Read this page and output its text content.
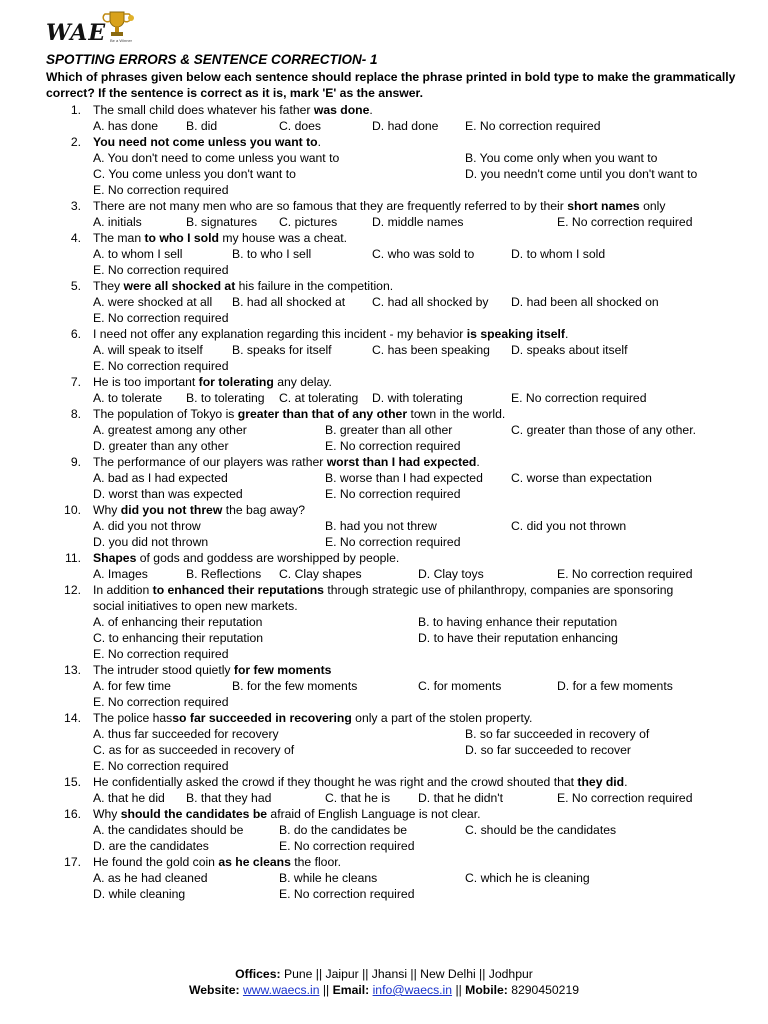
WAE Be a Winner
SPOTTING ERRORS & SENTENCE CORRECTION- 1
Which of phrases given below each sentence should replace the phrase printed in bold type to make the grammatically correct? If the sentence is correct as it is, mark 'E' as the answer.
1. The small child does whatever his father was done.
A. has done B. did	C. does	D. had done E. No correction required
2. You need not come unless you want to.
A. You don't need to come unless you want to	B. You come only when you want to
C. You come unless you don't want to	D. you needn't come until you don't want to
E. No correction required
3. There are not many men who are so famous that they are frequently referred to by their short names only
A. initials	B. signatures C. pictures	D. middle names	E. No correction required
4. The man to who I sold my house was a cheat.
A. to whom I sell	B. to who I sell	C. who was sold to	D. to whom I sold
E. No correction required
5. They were all shocked at his failure in the competition.
A. were shocked at all B. had all shocked at C. had all shocked by D. had been all shocked on
E. No correction required
6. I need not offer any explanation regarding this incident - my behavior is speaking itself.
A. will speak to itself B. speaks for itself	C. has been speaking D. speaks about itself
E. No correction required
7. He is too important for tolerating any delay.
A. to tolerate B. to tolerating C. at tolerating D. with tolerating	E. No correction required
8. The population of Tokyo is greater than that of any other town in the world.
A. greatest among any other	B. greater than all other	C. greater than those of any other.
D. greater than any other	E. No correction required
9. The performance of our players was rather worst than I had expected.
A. bad as I had expected	B. worse than I had expected C. worse than expectation
D. worst than was expected	E. No correction required
10. Why did you not threw the bag away?
A. did you not throw	B. had you not threw	C. did you not thrown
D. you did not thrown	E. No correction required
11. Shapes of gods and goddess are worshipped by people.
A. Images	B. Reflections C. Clay shapes	D. Clay toys	E. No correction required
12. In addition to enhanced their reputations through strategic use of philanthropy, companies are sponsoring
social initiatives to open new markets.
A. of enhancing their reputation	B. to having enhance their reputation
C. to enhancing their reputation	D. to have their reputation enhancing
E. No correction required
13. The intruder stood quietly for few moments
A. for few time	B. for the few moments	C. for moments	D. for a few moments
E. No correction required
14. The police hasso far succeeded in recovering only a part of the stolen property.
A. thus far succeeded for recovery	B. so far succeeded in recovery of
C. as for as succeeded in recovery of	D. so far succeeded to recover
E. No correction required
15. He confidentially asked the crowd if they thought he was right and the crowd shouted that they did.
A. that he did B. that they had	C. that he is D. that he didn't	E. No correction required
16. Why should the candidates be afraid of English Language is not clear.
A. the candidates should be	B. do the candidates be	C. should be the candidates
D. are the candidates	E. No correction required
17. He found the gold coin as he cleans the floor.
A. as he had cleaned	B. while he cleans	C. which he is cleaning
D. while cleaning	E. No correction required
Offices: Pune || Jaipur || Jhansi || New Delhi || Jodhpur
Website: www.waecs.in || Email: info@waecs.in || Mobile: 8290450219
